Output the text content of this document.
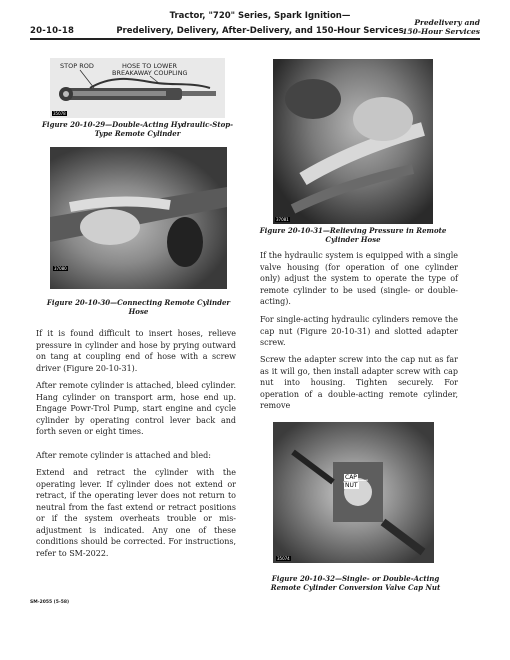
20-10-18
Tractor, "720" Series, Spark Ignition—
Predelivery, Delivery, After-Delivery, and 150-Hour Services
Predelivery and
150-Hour Services
STOP ROD	HOSE TO LOWER
BREAKAWAY COUPLING
35078
Figure 20-10-29—Double-Acting Hydraulic-Stop-Type Remote Cylinder
37080
Figure 20-10-30—Connecting Remote Cylinder Hose
37081
Figure 20-10-31—Relieving Pressure in Remote Cylinder Hose
CAP
NUT
35074
Figure 20-10-32—Single- or Double-Acting Remote Cylinder Conversion Valve Cap Nut
If it is found difficult to insert hoses, relieve pressure in cylinder and hose by prying outward on tang at coupling end of hose with a screw driver (Figure 20-10-31).
After remote cylinder is attached, bleed cylinder. Hang cylinder on transport arm, hose end up. Engage Powr-Trol Pump, start engine and cycle cylinder by operating control lever back and forth seven or eight times.
After remote cylinder is attached and bled:
Extend and retract the cylinder with the operating lever. If cylinder does not extend or retract, if the operating lever does not return to neutral from the fast extend or retract positions or if the system overheats trouble or mis-adjustment is indicated. Any one of these conditions should be corrected. For instructions, refer to SM-2022.
If the hydraulic system is equipped with a single valve housing (for operation of one cylinder only) adjust the system to operate the type of remote cylinder to be used (single- or double-acting).
For single-acting hydraulic cylinders remove the cap nut (Figure 20-10-31) and slotted adapter screw.
Screw the adapter screw into the cap nut as far as it will go, then install adapter screw with cap nut into housing. Tighten securely. For operation of a double-acting remote cylinder, remove
SM-2055 (5-58)
